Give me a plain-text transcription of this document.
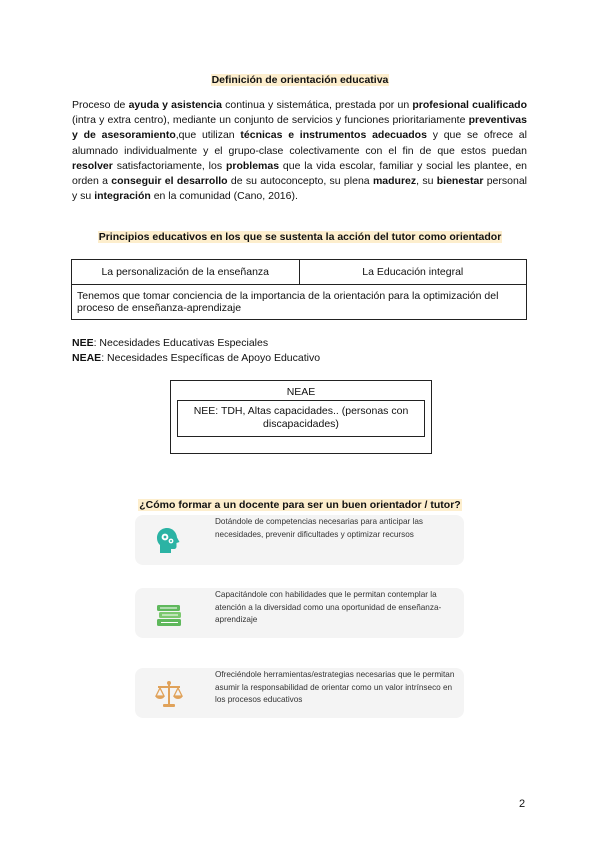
Definición de orientación educativa
Proceso de ayuda y asistencia continua y sistemática, prestada por un profesional cualificado (intra y extra centro), mediante un conjunto de servicios y funciones prioritariamente preventivas y de asesoramiento,que utilizan técnicas e instrumentos adecuados y que se ofrece al alumnado individualmente y el grupo-clase colectivamente con el fin de que estos puedan resolver satisfactoriamente, los problemas que la vida escolar, familiar y social les plantee, en orden a conseguir el desarrollo de su autoconcepto, su plena madurez, su bienestar personal y su integración en la comunidad (Cano, 2016).
Principios educativos en los que se sustenta la acción del tutor como orientador
La personalización de la enseñanza	La Educación integral
Tenemos que tomar conciencia de la importancia de la orientación para la optimización del proceso de enseñanza-aprendizaje
NEE: Necesidades Educativas Especiales
NEAE: Necesidades Específicas de Apoyo Educativo
NEAE
NEE: TDH, Altas capacidades.. (personas con discapacidades)
¿Cómo formar a un docente para ser un buen orientador / tutor?
Dotándole de competencias necesarias para anticipar las necesidades, prevenir dificultades y optimizar recursos
Capacitándole con habilidades que le permitan contemplar la atención a la diversidad como una oportunidad de enseñanza-aprendizaje
Ofreciéndole herramientas/estrategias necesarias que le permitan asumir la responsabilidad de orientar como un valor intrínseco en los procesos educativos
2
